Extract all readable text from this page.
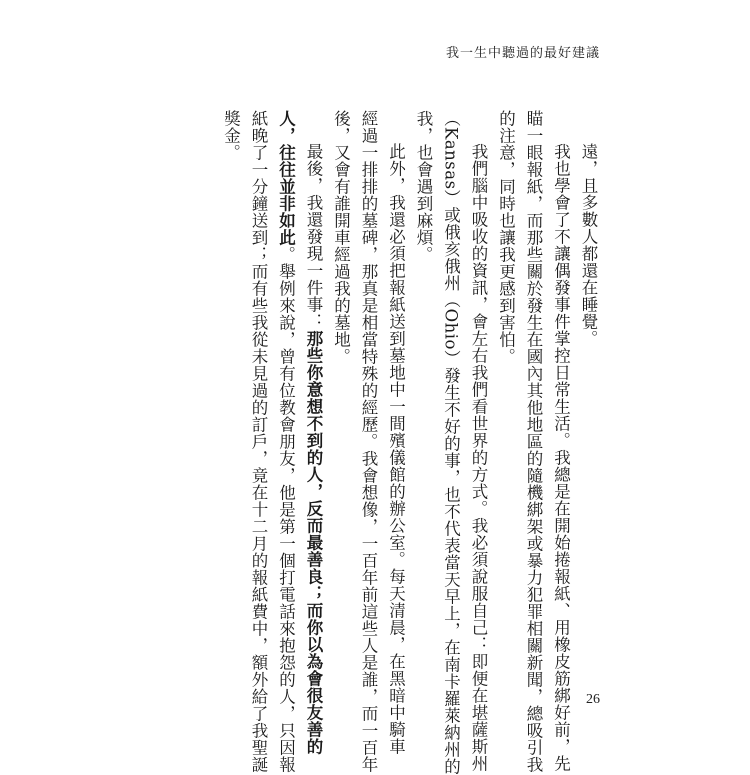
我一生中聽過的最好建議
遠，且多數人都還在睡覺。
我也學會了不讓偶發事件掌控日常生活。我總是在開始捲報紙、用橡皮筋綁好前，先
瞄一眼報紙，而那些關於發生在國內其他地區的隨機綁架或暴力犯罪相關新聞，總吸引我
的注意，同時也讓我更感到害怕。
我們腦中吸收的資訊，會左右我們看世界的方式。我必須說服自己：即便在堪薩斯州
（Kansas）或俄亥俄州（Ohio）發生不好的事，也不代表當天早上，在南卡羅萊納州的
我，也會遇到麻煩。
此外，我還必須把報紙送到墓地中一間殯儀館的辦公室。每天清晨，在黑暗中騎車
經過一排排的墓碑，那真是相當特殊的經歷。我會想像，一百年前這些人是誰，而一百年
後，又會有誰開車經過我的墓地。
最後，我還發現一件事：那些你意想不到的人，反而最善良；而你以為會很友善的
人，往往並非如此。舉例來說，曾有位教會朋友，他是第一個打電話來抱怨的人，只因報
紙晚了一分鐘送到；而有些我從未見過的訂戶，竟在十二月的報紙費中，額外給了我聖誕
獎金。
26
